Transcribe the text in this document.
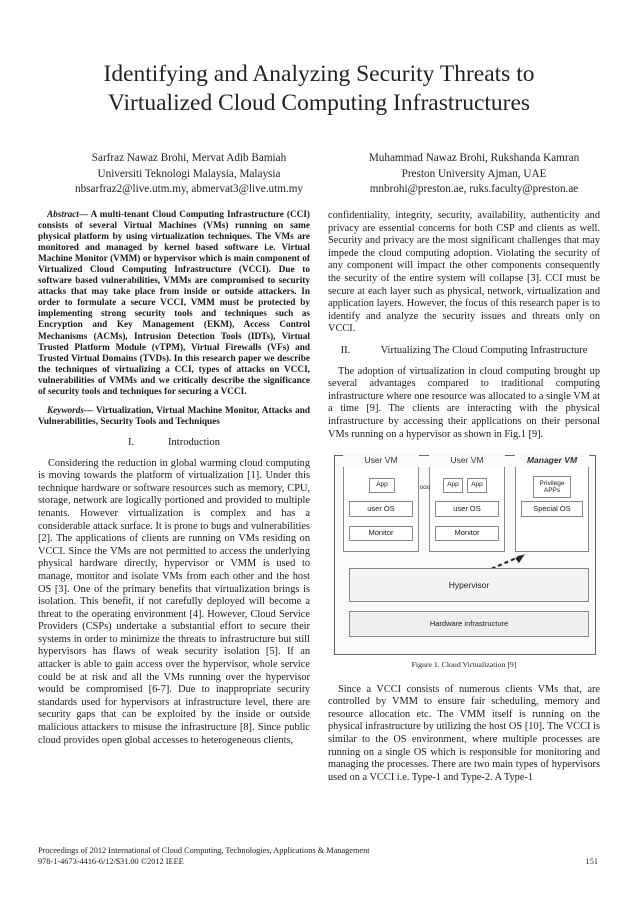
Identifying and Analyzing Security Threats to
Virtualized Cloud Computing Infrastructures
Sarfraz Nawaz Brohi, Mervat Adib Bamiah
Universiti Teknologi Malaysia, Malaysia
nbsarfraz2@live.utm.my, abmervat3@live.utm.my
Muhammad Nawaz Brohi, Rukshanda Kamran
Preston University Ajman, UAE
mnbrohi@preston.ae, ruks.faculty@preston.ae

Abstract— A multi-tenant Cloud Computing Infrastructure (CCI) consists of several Virtual Machines (VMs) running on same physical platform by using virtualization techniques. The VMs are monitored and managed by kernel based software i.e. Virtual Machine Monitor (VMM) or hypervisor which is main component of Virtualized Cloud Computing Infrastructure (VCCI). Due to software based vulnerabilities, VMMs are compromised to security attacks that may take place from inside or outside attackers. In order to formulate a secure VCCI, VMM must be protected by implementing strong security tools and techniques such as Encryption and Key Management (EKM), Access Control Mechanisms (ACMs), Intrusion Detection Tools (IDTs), Virtual Trusted Platform Module (vTPM), Virtual Firewalls (VFs) and Trusted Virtual Domains (TVDs). In this research paper we describe the techniques of virtualizing a CCI, types of attacks on VCCI, vulnerabilities of VMMs and we critically describe the significance of security tools and techniques for securing a VCCI.

Keywords— Virtualization, Virtual Machine Monitor, Attacks and Vulnerabilities, Security Tools and Techniques

I.	Introduction

Considering the reduction in global warming cloud computing is moving towards the platform of virtualization [1]. Under this technique hardware or software resources such as memory, CPU, storage, network are logically portioned and provided to multiple tenants. However virtualization is complex and has a considerable attack surface. It is prone to bugs and vulnerabilities [2]. The applications of clients are running on VMs residing on VCCI. Since the VMs are not permitted to access the underlying physical hardware directly, hypervisor or VMM is used to manage, monitor and isolate VMs from each other and the host OS [3]. One of the primary benefits that virtualization brings is isolation. This benefit, if not carefully deployed will become a threat to the operating environment [4]. However, Cloud Service Providers (CSPs) undertake a substantial effort to secure their systems in order to minimize the threats to infrastructure but still hypervisors has flaws of weak security isolation [5]. If an attacker is able to gain access over the hypervisor, whole service could be at risk and all the VMs running over the hypervisor would be compromised [6-7]. Due to inappropriate security standards used for hypervisors at infrastructure level, there are security gaps that can be exploited by the inside or outside malicious attackers to misuse the infrastructure [8]. Since public cloud provides open global accesses to heterogeneous clients,

confidentiality, integrity, security, availability, authenticity and privacy are essential concerns for both CSP and clients as well. Security and privacy are the most significant challenges that may impede the cloud computing adoption. Violating the security of any component will impact the other components consequently the security of the entire system will collapse [3]. CCI must be secure at each layer such as physical, network, virtualization and application layers. However, the focus of this research paper is to identify and analyze the security issues and threats only on VCCI.

II.	Virtualizing The Cloud Computing Infrastructure

The adoption of virtualization in cloud computing brought up several advantages compared to traditional computing infrastructure where one resource was allocated to a single VM at a time [9]. The clients are interacting with the physical infrastructure by accessing their applications on their personal VMs running on a hypervisor as shown in Fig.1 [9].

User VM	User VM	Manager VM
App	ooo	App	App	Privilege APPs
user OS	user OS	Special OS
Monitor	Monitor
Hypervisor
Hardware infrastructure
Figure 1. Cloud Virtualization [9]

Since a VCCI consists of numerous clients VMs that, are controlled by VMM to ensure fair scheduling, memory and resource allocation etc. The VMM itself is running on the physical infrastructure by utilizing the host OS [10]. The VCCI is similar to the OS environment, where multiple processes are running on a single OS which is responsible for monitoring and managing the processes. There are two main types of hypervisors used on a VCCI i.e. Type-1 and Type-2. A Type-1

Proceedings of 2012 International of Cloud Computing, Technologies, Applications & Management
978-1-4673-4416-6/12/$31.00 ©2012 IEEE	151
